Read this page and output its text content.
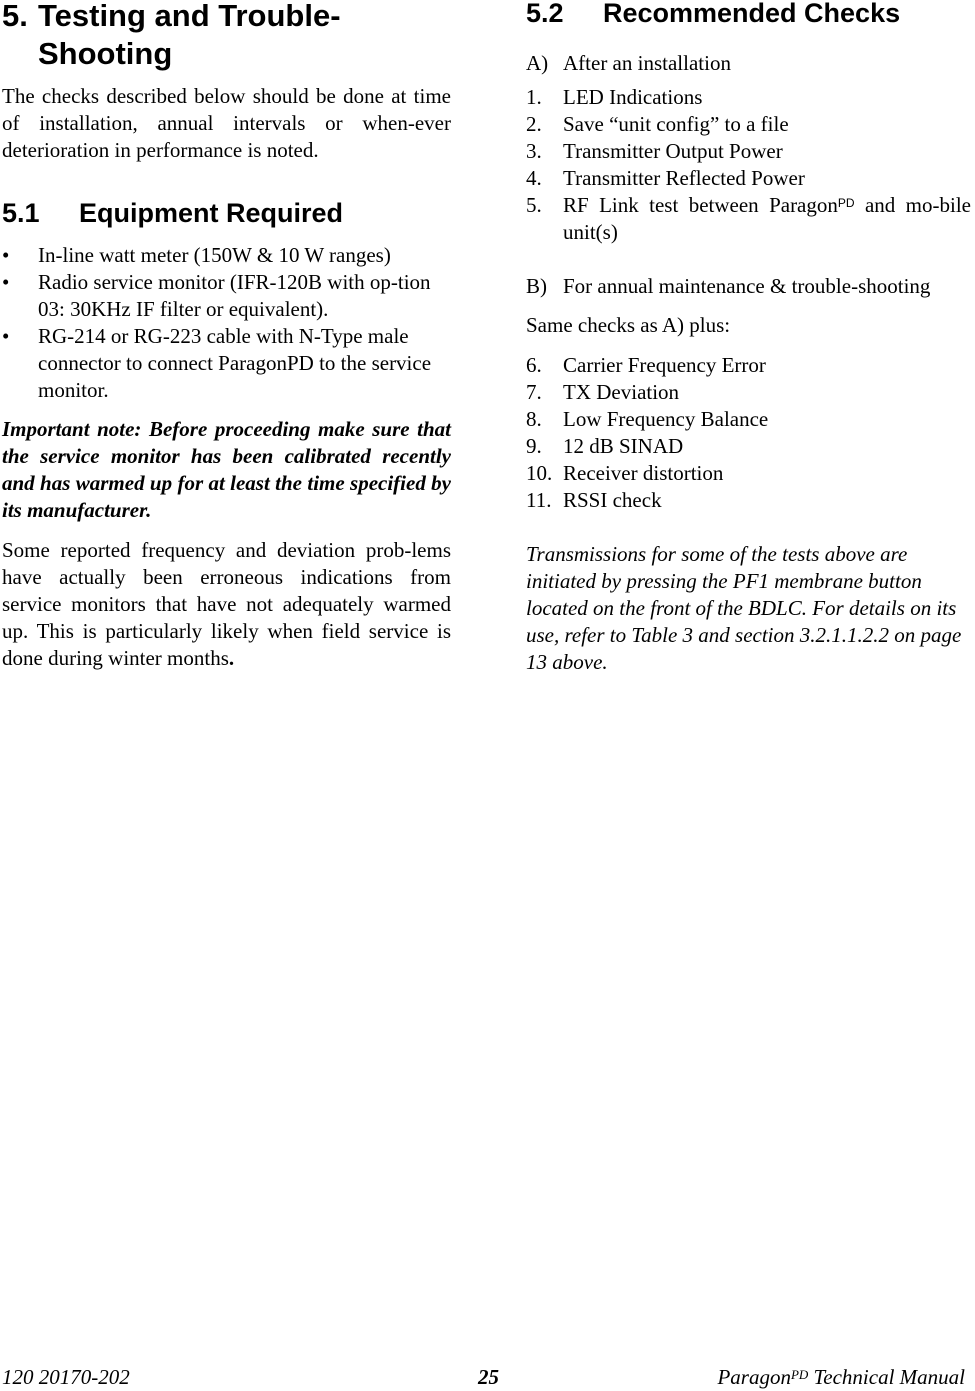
5. Testing and Trouble-
Shooting

The checks described below should be done at time of installation, annual intervals or when-ever deterioration in performance is noted.

5.1 Equipment Required
• In-line watt meter (150W & 10 W ranges)
• Radio service monitor (IFR-120B with op-tion 03: 30KHz IF filter or equivalent).
• RG-214 or RG-223 cable with N-Type male connector to connect ParagonPD to the service monitor.

Important note: Before proceeding make sure that the service monitor has been calibrated recently and has warmed up for at least the time specified by its manufacturer.

Some reported frequency and deviation prob-lems have actually been erroneous indications from service monitors that have not adequately warmed up. This is particularly likely when field service is done during winter months.

5.2 Recommended Checks
A) After an installation
1. LED Indications
2. Save “unit config” to a file
3. Transmitter Output Power
4. Transmitter Reflected Power
5. RF Link test between Paragon$^{PD}$ and mo-bile unit(s)
B) For annual maintenance & trouble-shooting

Same checks as A) plus:

6. Carrier Frequency Error
7. TX Deviation
8. Low Frequency Balance
9. 12 dB SINAD
10. Receiver distortion
11. RSSI check

Transmissions for some of the tests above are initiated by pressing the PF1 membrane button located on the front of the BDLC. For details on its use, refer to Table 3 and section 3.2.1.1.2.2 on page 13 above.

120 20170-202	25	Paragon$^{PD}$ Technical Manual
